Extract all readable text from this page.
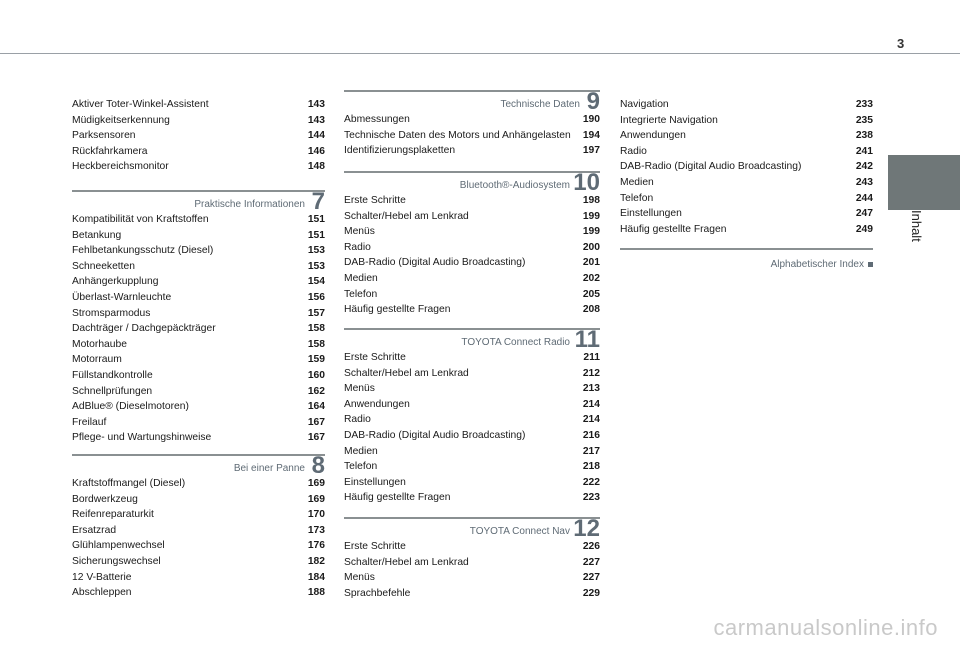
3
Inhalt
Aktiver Toter-Winkel-Assistent	143
Müdigkeitserkennung	143
Parksensoren	144
Rückfahrkamera	146
Heckbereichsmonitor	148
Praktische Informationen 7
Kompatibilität von Kraftstoffen	151
Betankung	151
Fehlbetankungsschutz (Diesel)	153
Schneeketten	153
Anhängerkupplung	154
Überlast-Warnleuchte	156
Stromsparmodus	157
Dachträger / Dachgepäckträger	158
Motorhaube	158
Motorraum	159
Füllstandkontrolle	160
Schnellprüfungen	162
AdBlue® (Dieselmotoren)	164
Freilauf	167
Pflege- und Wartungshinweise	167
Bei einer Panne 8
Kraftstoffmangel (Diesel)	169
Bordwerkzeug	169
Reifenreparaturkit	170
Ersatzrad	173
Glühlampenwechsel	176
Sicherungswechsel	182
12 V-Batterie	184
Abschleppen	188
Technische Daten 9
Abmessungen	190
Technische Daten des Motors und Anhängelasten 194
Identifizierungsplaketten	197
Bluetooth®-Audiosystem 10
Erste Schritte	198
Schalter/Hebel am Lenkrad	199
Menüs	199
Radio	200
DAB-Radio (Digital Audio Broadcasting)	201
Medien	202
Telefon	205
Häufig gestellte Fragen	208
TOYOTA Connect Radio 11
Erste Schritte	211
Schalter/Hebel am Lenkrad	212
Menüs	213
Anwendungen	214
Radio	214
DAB-Radio (Digital Audio Broadcasting)	216
Medien	217
Telefon	218
Einstellungen	222
Häufig gestellte Fragen	223
TOYOTA Connect Nav 12
Erste Schritte	226
Schalter/Hebel am Lenkrad	227
Menüs	227
Sprachbefehle	229
Navigation	233
Integrierte Navigation	235
Anwendungen	238
Radio	241
DAB-Radio (Digital Audio Broadcasting)	242
Medien	243
Telefon	244
Einstellungen	247
Häufig gestellte Fragen	249
Alphabetischer Index
carmanualsonline.info
